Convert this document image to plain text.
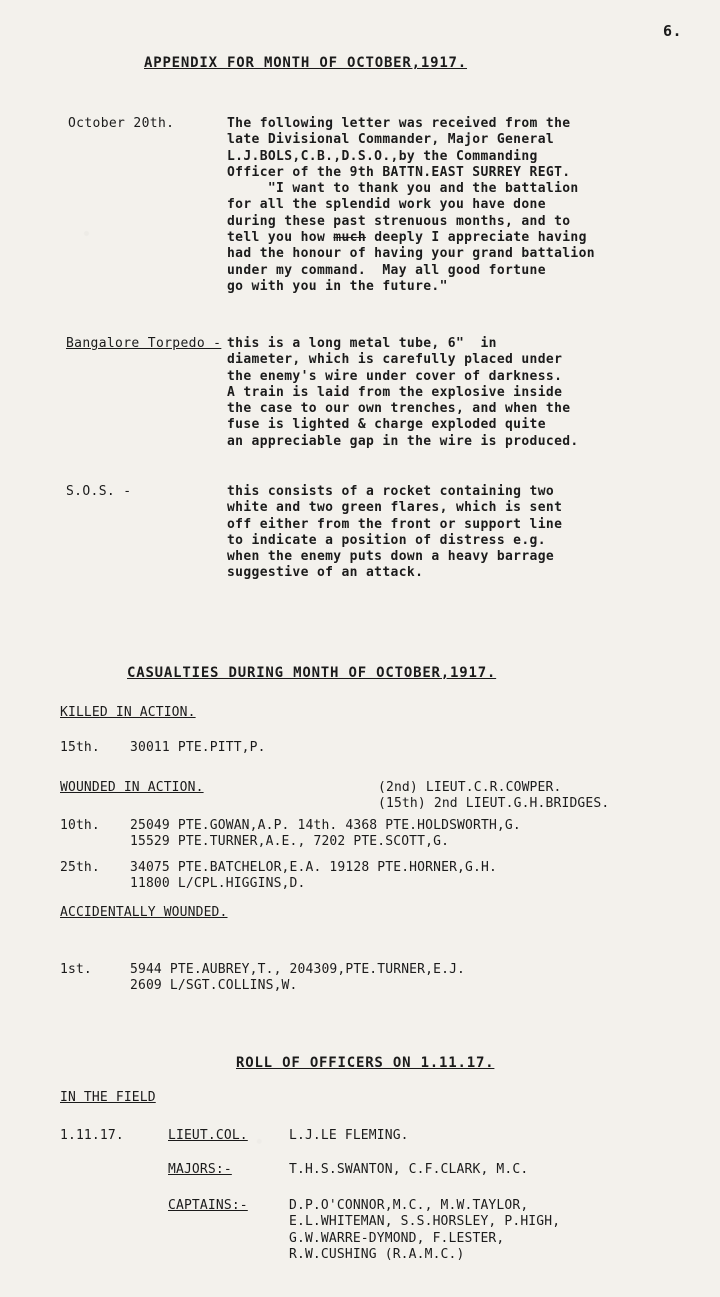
6.
APPENDIX FOR MONTH OF OCTOBER,1917.
October 20th.	The following letter was received from the
late Divisional Commander, Major General
L.J.BOLS,C.B.,D.S.O.,by the Commanding
Officer of the 9th BATTN.EAST SURREY REGT.
"I want to thank you and the battalion
for all the splendid work you have done
during these past strenuous months, and to
tell you how much deeply I appreciate having
had the honour of having your grand battalion
under my command.  May all good fortune
go with you in the future."
Bangalore Torpedo - this is a long metal tube, 6"  in
diameter, which is carefully placed under
the enemy's wire under cover of darkness.
A train is laid from the explosive inside
the case to our own trenches, and when the
fuse is lighted & charge exploded quite
an appreciable gap in the wire is produced.
S.O.S. -	this consists of a rocket containing two
white and two green flares, which is sent
off either from the front or support line
to indicate a position of distress e.g.
when the enemy puts down a heavy barrage
suggestive of an attack.
CASUALTIES DURING MONTH OF OCTOBER,1917.
KILLED IN ACTION.
15th. 30011 PTE.PITT,P.
WOUNDED IN ACTION.	(2nd) LIEUT.C.R.COWPER.
(15th) 2nd LIEUT.G.H.BRIDGES.
10th. 25049 PTE.GOWAN,A.P. 14th. 4368 PTE.HOLDSWORTH,G.
15529 PTE.TURNER,A.E., 7202 PTE.SCOTT,G.
25th. 34075 PTE.BATCHELOR,E.A. 19128 PTE.HORNER,G.H.
11800 L/CPL.HIGGINS,D.
ACCIDENTALLY WOUNDED.
1st.	5944 PTE.AUBREY,T., 204309,PTE.TURNER,E.J.
2609 L/SGT.COLLINS,W.
ROLL OF OFFICERS ON 1.11.17.
IN THE FIELD
1.11.17.	LIEUT.COL.	L.J.LE FLEMING.
MAJORS:-	T.H.S.SWANTON, C.F.CLARK, M.C.
CAPTAINS:-	D.P.O'CONNOR,M.C., M.W.TAYLOR,
E.L.WHITEMAN, S.S.HORSLEY, P.HIGH,
G.W.WARRE-DYMOND, F.LESTER,
R.W.CUSHING (R.A.M.C.)
